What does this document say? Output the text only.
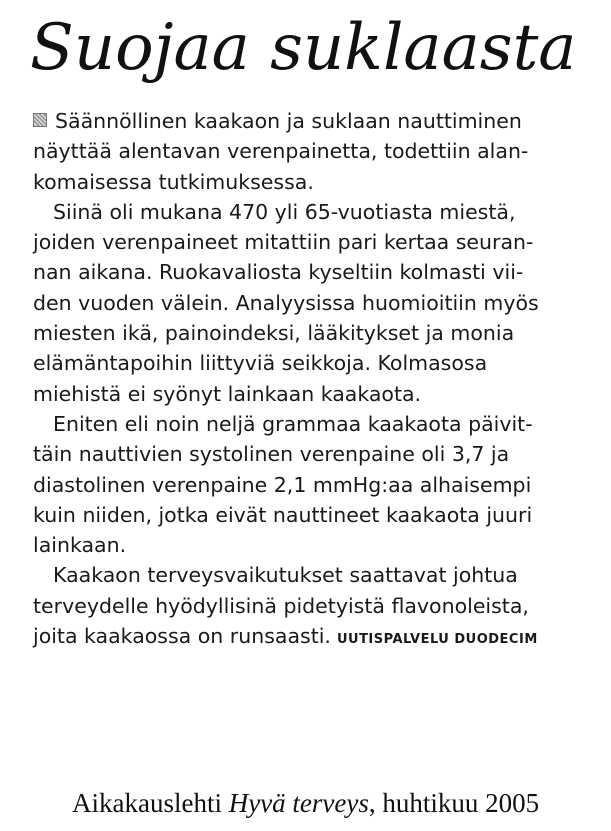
Suojaa suklaasta
Säännöllinen kaakaon ja suklaan nauttiminen
näyttää alentavan verenpainetta, todettiin alan-
komaisessa tutkimuksessa.
Siinä oli mukana 470 yli 65-vuotiasta miestä,
joiden verenpaineet mitattiin pari kertaa seuran-
nan aikana. Ruokavaliosta kyseltiin kolmasti vii-
den vuoden välein. Analyysissa huomioitiin myös
miesten ikä, painoindeksi, lääkitykset ja monia
elämäntapoihin liittyviä seikkoja. Kolmasosa
miehistä ei syönyt lainkaan kaakaota.
Eniten eli noin neljä grammaa kaakaota päivit-
täin nauttivien systolinen verenpaine oli 3,7 ja
diastolinen verenpaine 2,1 mmHg:aa alhaisempi
kuin niiden, jotka eivät nauttineet kaakaota juuri
lainkaan.
Kaakaon terveysvaikutukset saattavat johtua
terveydelle hyödyllisinä pidetyistä flavonoleista,
joita kaakaossa on runsaasti. UUTISPALVELU DUODECIM

Aikakauslehti Hyvä terveys, huhtikuu 2005
